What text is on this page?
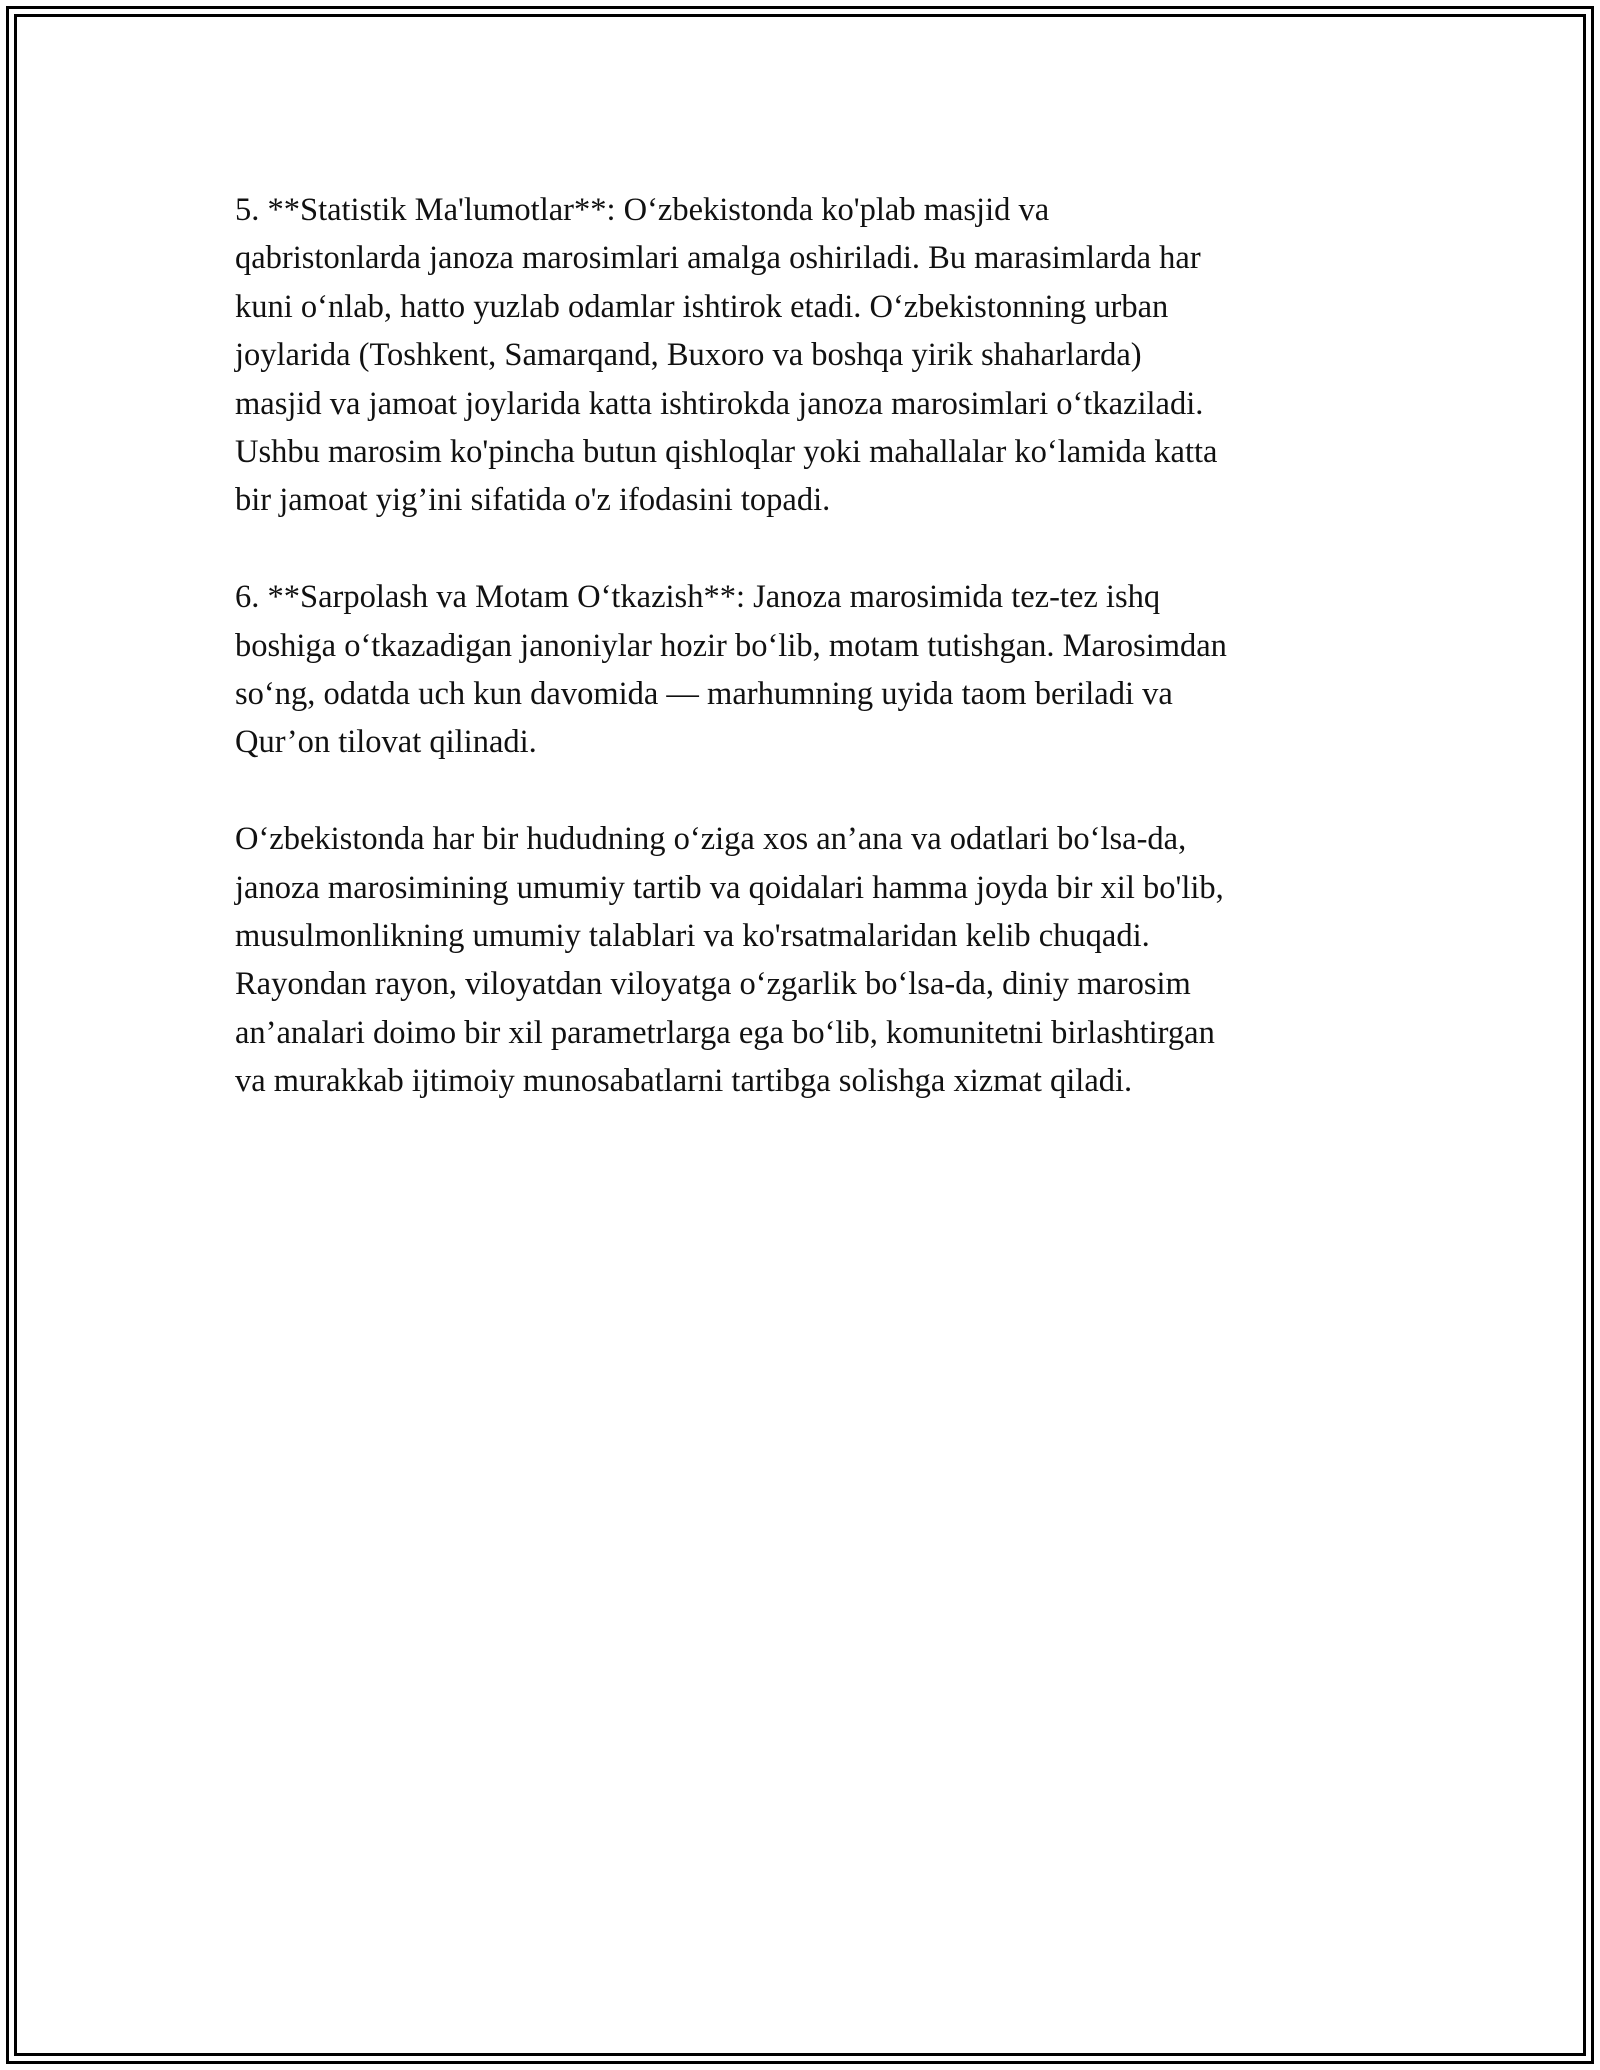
5. **Statistik Ma'lumotlar**: O‘zbekistonda ko'plab masjid va
qabristonlarda janoza marosimlari amalga oshiriladi. Bu marasimlarda har
kuni o‘nlab, hatto yuzlab odamlar ishtirok etadi. O‘zbekistonning urban
joylarida (Toshkent, Samarqand, Buxoro va boshqa yirik shaharlarda)
masjid va jamoat joylarida katta ishtirokda janoza marosimlari o‘tkaziladi.
Ushbu marosim ko'pincha butun qishloqlar yoki mahallalar ko‘lamida katta
bir jamoat yig’ini sifatida o'z ifodasini topadi.

6. **Sarpolash va Motam O‘tkazish**: Janoza marosimida tez-tez ishq
boshiga o‘tkazadigan janoniylar hozir bo‘lib, motam tutishgan. Marosimdan
so‘ng, odatda uch kun davomida — marhumning uyida taom beriladi va
Qur’on tilovat qilinadi.

O‘zbekistonda har bir hududning o‘ziga xos an’ana va odatlari bo‘lsa-da,
janoza marosimining umumiy tartib va qoidalari hamma joyda bir xil bo'lib,
musulmonlikning umumiy talablari va ko'rsatmalaridan kelib chuqadi.
Rayondan rayon, viloyatdan viloyatga o‘zgarlik bo‘lsa-da, diniy marosim
an’analari doimo bir xil parametrlarga ega bo‘lib, komunitetni birlashtirgan
va murakkab ijtimoiy munosabatlarni tartibga solishga xizmat qiladi.
